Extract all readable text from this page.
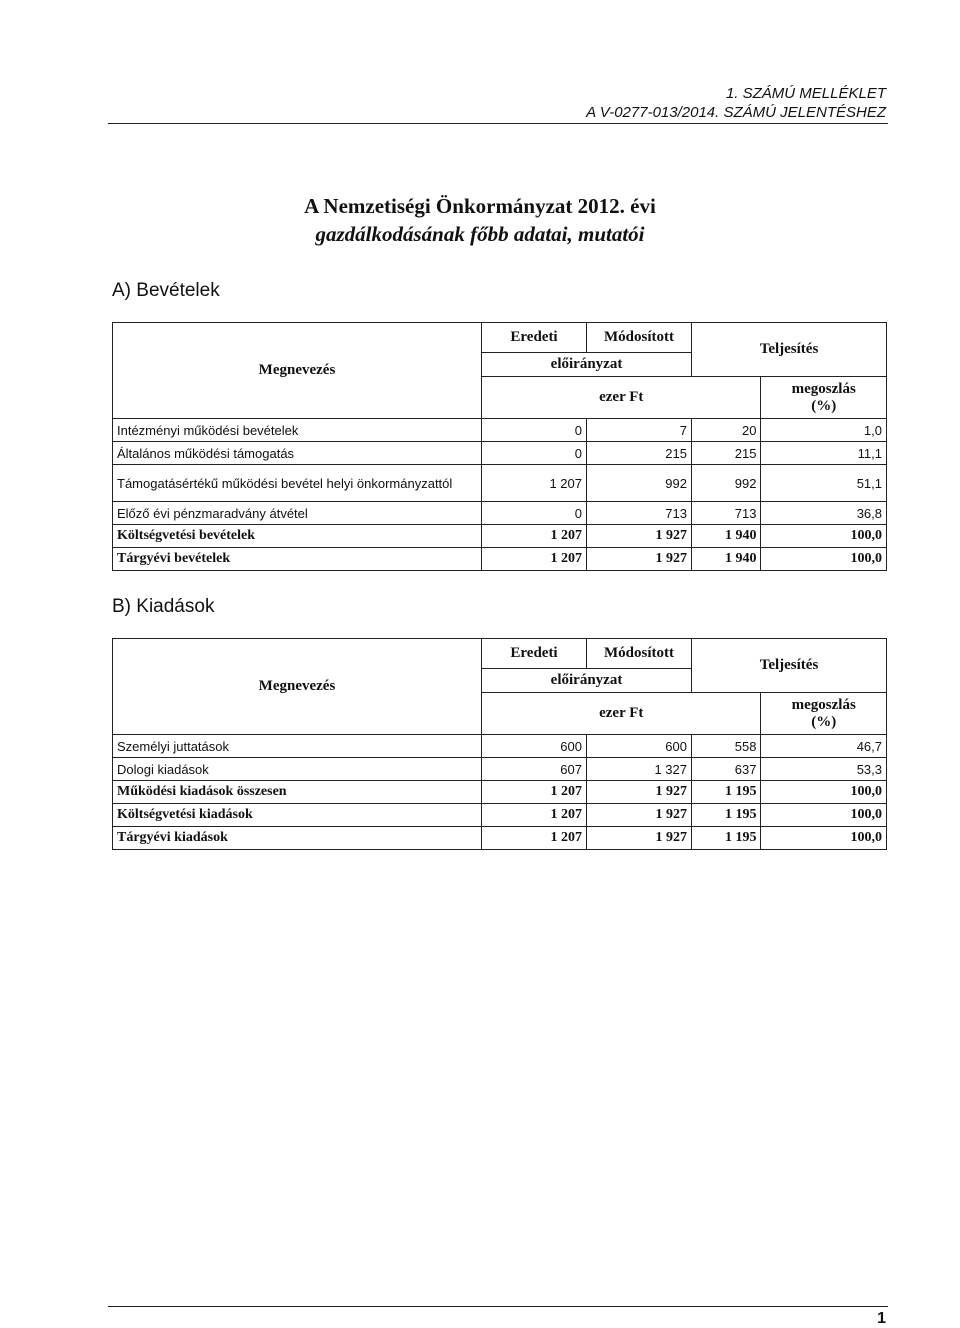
1. SZÁMÚ MELLÉKLET
A V-0277-013/2014. SZÁMÚ JELENTÉSHEZ
A Nemzetiségi Önkormányzat 2012. évi
gazdálkodásának főbb adatai, mutatói
A) Bevételek
Megnevezés	Eredeti	Módosított	Teljesítés	
	előirányzat			
	ezer Ft			megoszlás
(%)

Intézményi működési bevételek	0	7	20	1,0
Általános működési támogatás	0	215	215	11,1
Támogatásértékű működési bevétel helyi önkormányzattól	1 207	992	992	51,1
Előző évi pénzmaradvány átvétel	0	713	713	36,8
Költségvetési bevételek	1 207	1 927	1 940	100,0
Tárgyévi bevételek	1 207	1 927	1 940	100,0
B) Kiadások
Megnevezés	Eredeti	Módosított	Teljesítés	
	előirányzat			
	ezer Ft			megoszlás
(%)

Személyi juttatások	600	600	558	46,7
Dologi kiadások	607	1 327	637	53,3
Működési kiadások összesen	1 207	1 927	1 195	100,0
Költségvetési kiadások	1 207	1 927	1 195	100,0
Tárgyévi kiadások	1 207	1 927	1 195	100,0
1
